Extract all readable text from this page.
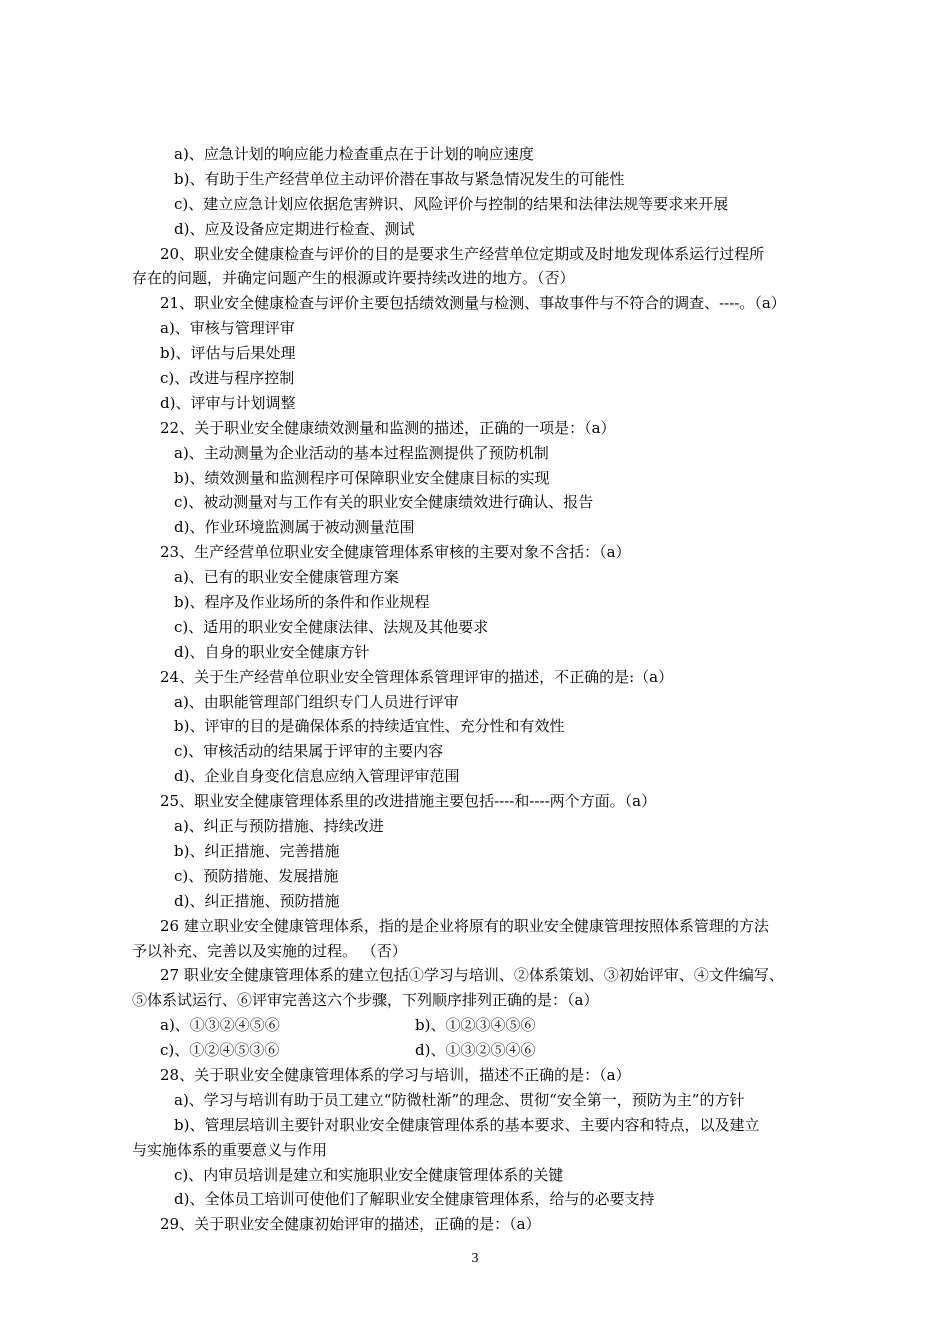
a)、应急计划的响应能力检查重点在于计划的响应速度
b)、有助于生产经营单位主动评价潜在事故与紧急情况发生的可能性
c)、建立应急计划应依据危害辨识、风险评价与控制的结果和法律法规等要求来开展
d)、应及设备应定期进行检查、测试
20、职业安全健康检查与评价的目的是要求生产经营单位定期或及时地发现体系运行过程所
存在的问题，并确定问题产生的根源或许要持续改进的地方。（否）
21、职业安全健康检查与评价主要包括绩效测量与检测、事故事件与不符合的调查、----。（a）
a)、审核与管理评审
b)、评估与后果处理
c)、改进与程序控制
d)、评审与计划调整
22、关于职业安全健康绩效测量和监测的描述，正确的一项是：（a）
a)、主动测量为企业活动的基本过程监测提供了预防机制
b)、绩效测量和监测程序可保障职业安全健康目标的实现
c)、被动测量对与工作有关的职业安全健康绩效进行确认、报告
d)、作业环境监测属于被动测量范围
23、生产经营单位职业安全健康管理体系审核的主要对象不含括：（a）
a)、已有的职业安全健康管理方案
b)、程序及作业场所的条件和作业规程
c)、适用的职业安全健康法律、法规及其他要求
d)、自身的职业安全健康方针
24、关于生产经营单位职业安全管理体系管理评审的描述，不正确的是:（a）
a)、由职能管理部门组织专门人员进行评审
b)、评审的目的是确保体系的持续适宜性、充分性和有效性
c)、审核活动的结果属于评审的主要内容
d)、企业自身变化信息应纳入管理评审范围
25、职业安全健康管理体系里的改进措施主要包括----和----两个方面。（a）
a)、纠正与预防措施、持续改进
b)、纠正措施、完善措施
c)、预防措施、发展措施
d)、纠正措施、预防措施
26 建立职业安全健康管理体系，指的是企业将原有的职业安全健康管理按照体系管理的方法
予以补充、完善以及实施的过程。 （否）
27 职业安全健康管理体系的建立包括①学习与培训、②体系策划、③初始评审、④文件编写、
⑤体系试运行、⑥评审完善这六个步骤，下列顺序排列正确的是：（a）
a)、①③②④⑤⑥	b)、①②③④⑤⑥
c)、①②④⑤③⑥	d)、①③②⑤④⑥
28、关于职业安全健康管理体系的学习与培训，描述不正确的是：（a）
a)、学习与培训有助于员工建立“防微杜渐”的理念、贯彻“安全第一，预防为主”的方针
b)、管理层培训主要针对职业安全健康管理体系的基本要求、主要内容和特点，以及建立
与实施体系的重要意义与作用
c)、内审员培训是建立和实施职业安全健康管理体系的关键
d)、全体员工培训可使他们了解职业安全健康管理体系，给与的必要支持
29、关于职业安全健康初始评审的描述，正确的是：（a）
3
